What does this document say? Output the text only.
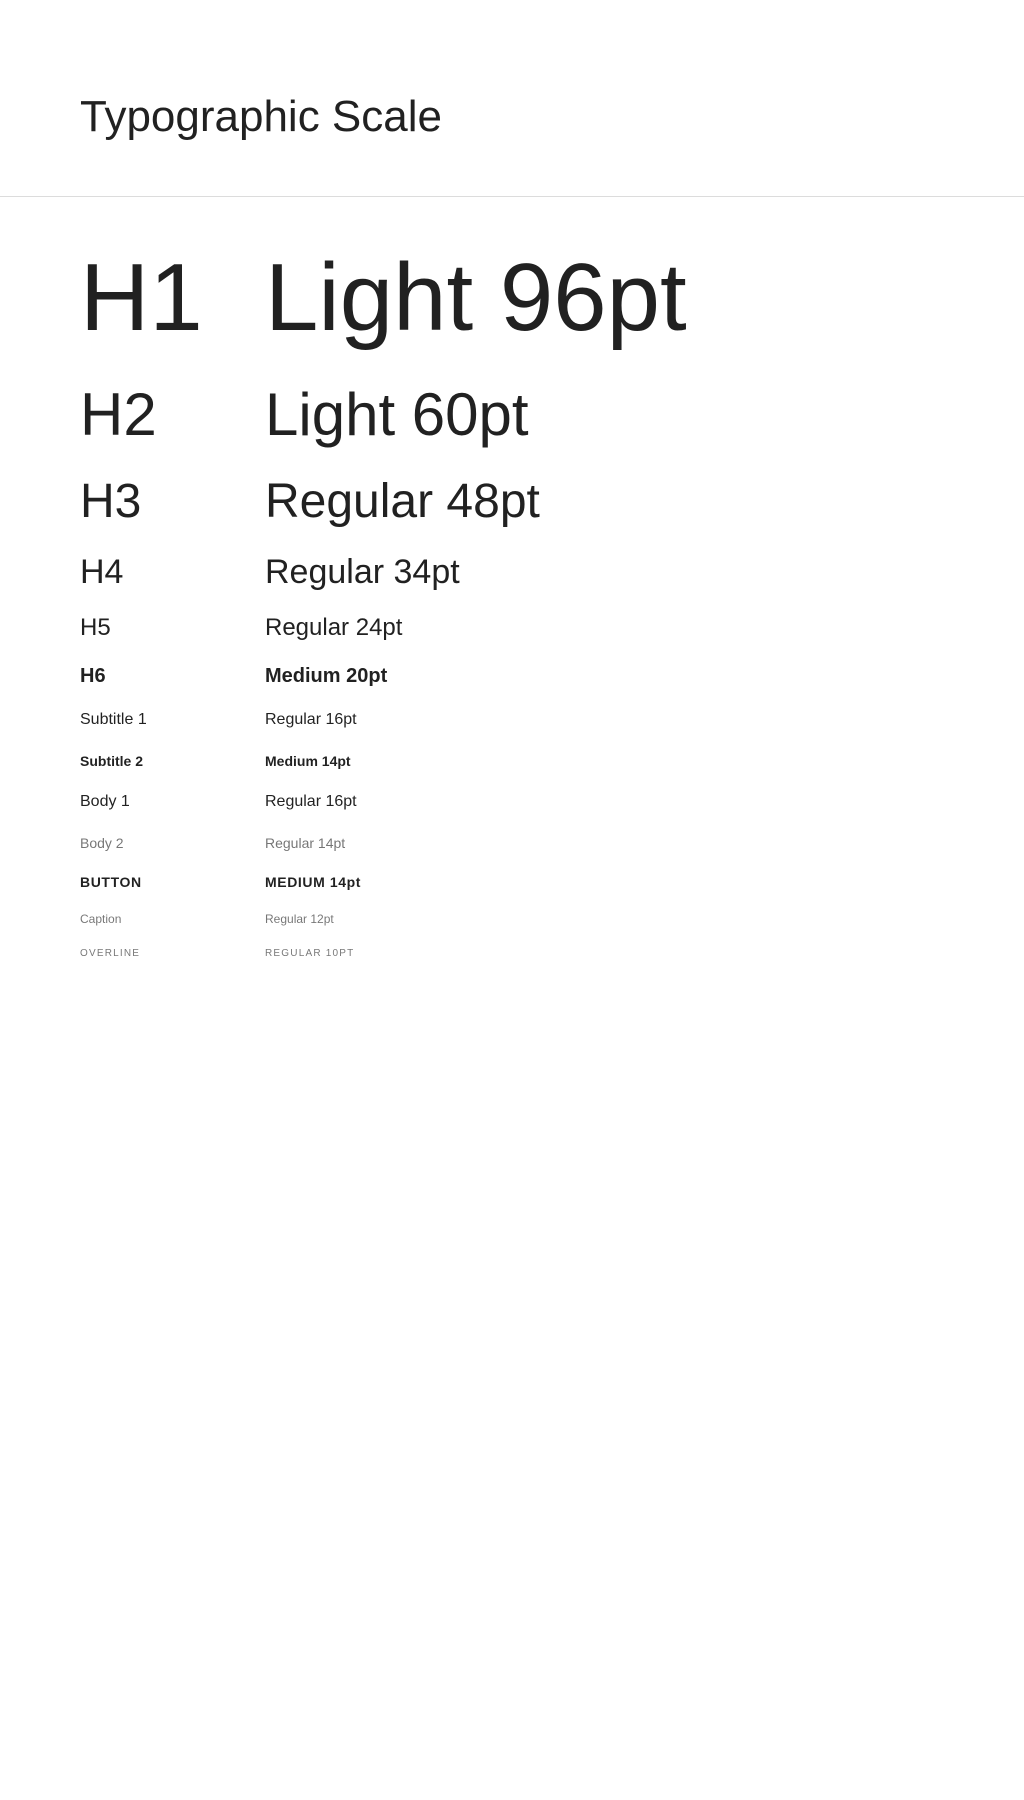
Typographic Scale
H1 Light 96pt
H2	Light 60pt
H3	Regular 48pt
H4	Regular 34pt
H5	Regular 24pt
H6	Medium 20pt
Subtitle 1	Regular 16pt
Subtitle 2	Medium 14pt
Body 1	Regular 16pt
Body 2	Regular 14pt
BUTTON	MEDIUM 14pt
Caption	Regular 12pt
OVERLINE	REGULAR 10PT
